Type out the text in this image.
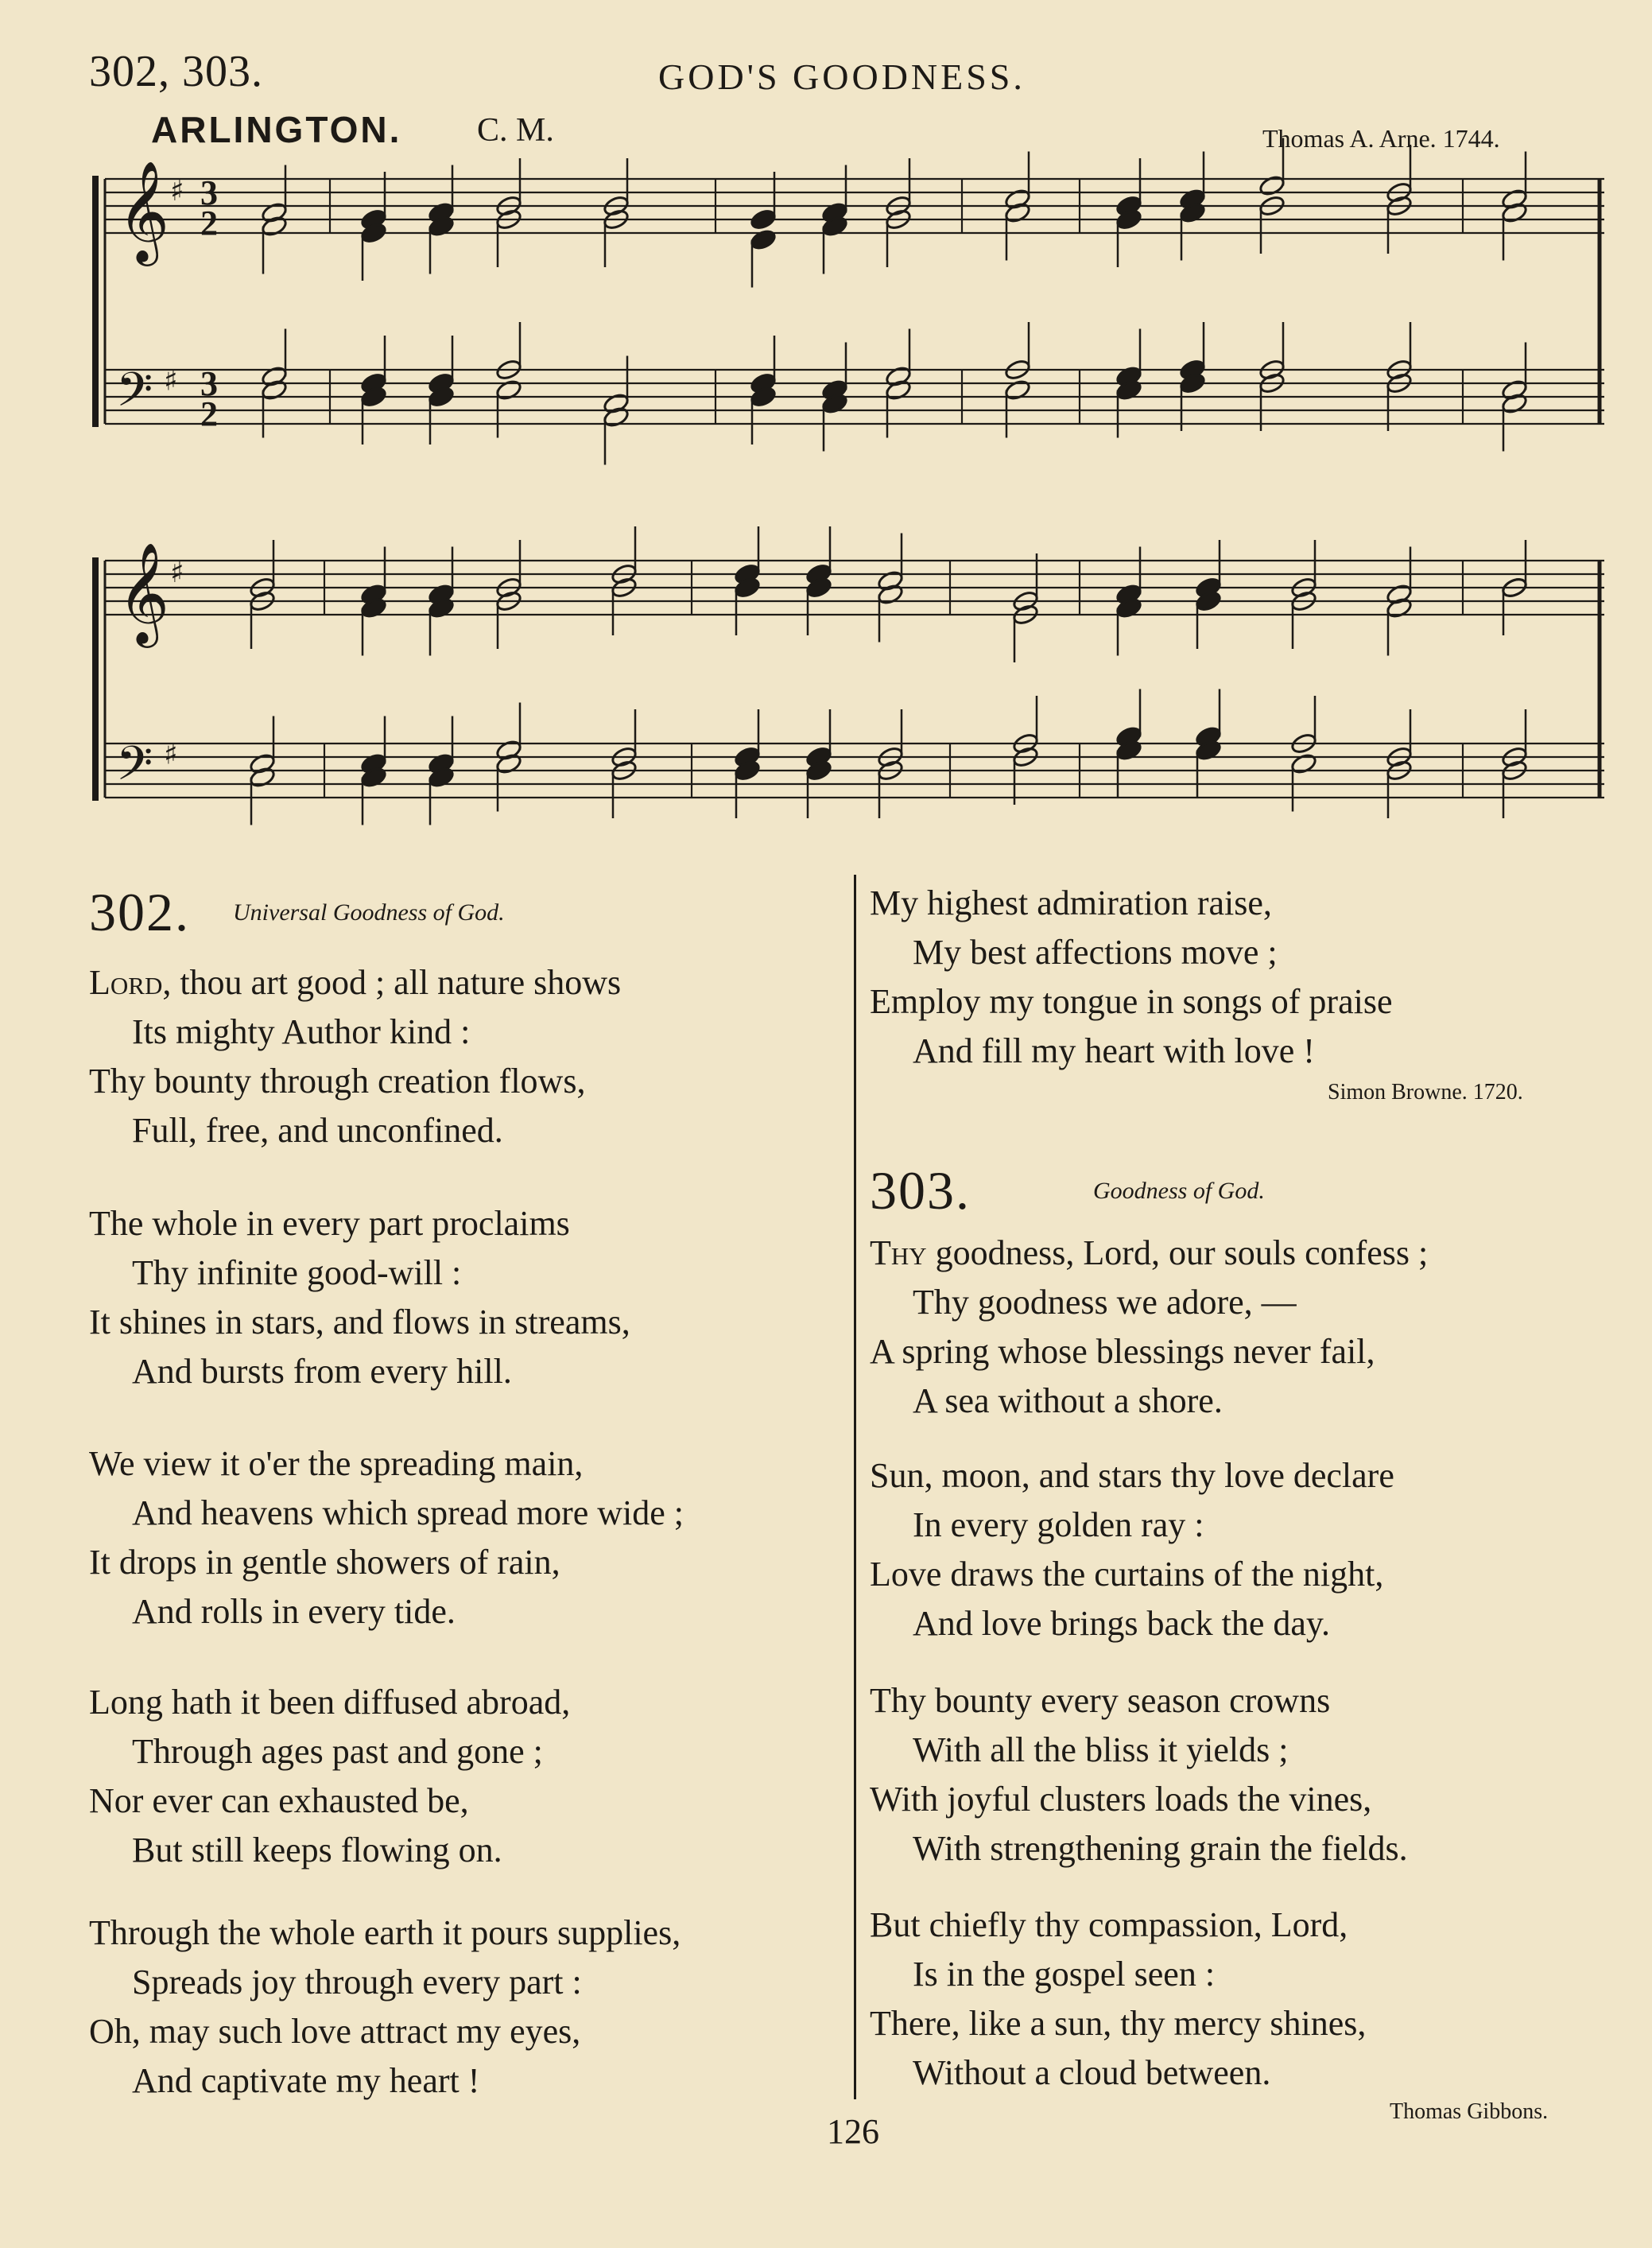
302, 303.	GOD'S GOODNESS.
ARLINGTON. C. M.	Thomas A. Arne. 1744.
𝄞
𝄢
♯
♯
𝄞
𝄢
♯
♯
3
2
3
2
302. Universal Goodness of God.
Lord, thou art good ; all nature shows
Its mighty Author kind :
Thy bounty through creation flows,
Full, free, and unconfined.
The whole in every part proclaims
Thy infinite good-will :
It shines in stars, and flows in streams,
And bursts from every hill.
We view it o'er the spreading main,
And heavens which spread more wide ;
It drops in gentle showers of rain,
And rolls in every tide.
Long hath it been diffused abroad,
Through ages past and gone ;
Nor ever can exhausted be,
But still keeps flowing on.
Through the whole earth it pours supplies,
Spreads joy through every part :
Oh, may such love attract my eyes,
And captivate my heart !
My highest admiration raise,
My best affections move ;
Employ my tongue in songs of praise
And fill my heart with love !
Simon Browne. 1720.
303.	Goodness of God.
Thy goodness, Lord, our souls confess ;
Thy goodness we adore, —
A spring whose blessings never fail,
A sea without a shore.
Sun, moon, and stars thy love declare
In every golden ray :
Love draws the curtains of the night,
And love brings back the day.
Thy bounty every season crowns
With all the bliss it yields ;
With joyful clusters loads the vines,
With strengthening grain the fields.
But chiefly thy compassion, Lord,
Is in the gospel seen :
There, like a sun, thy mercy shines,
Without a cloud between.
Thomas Gibbons.
126
